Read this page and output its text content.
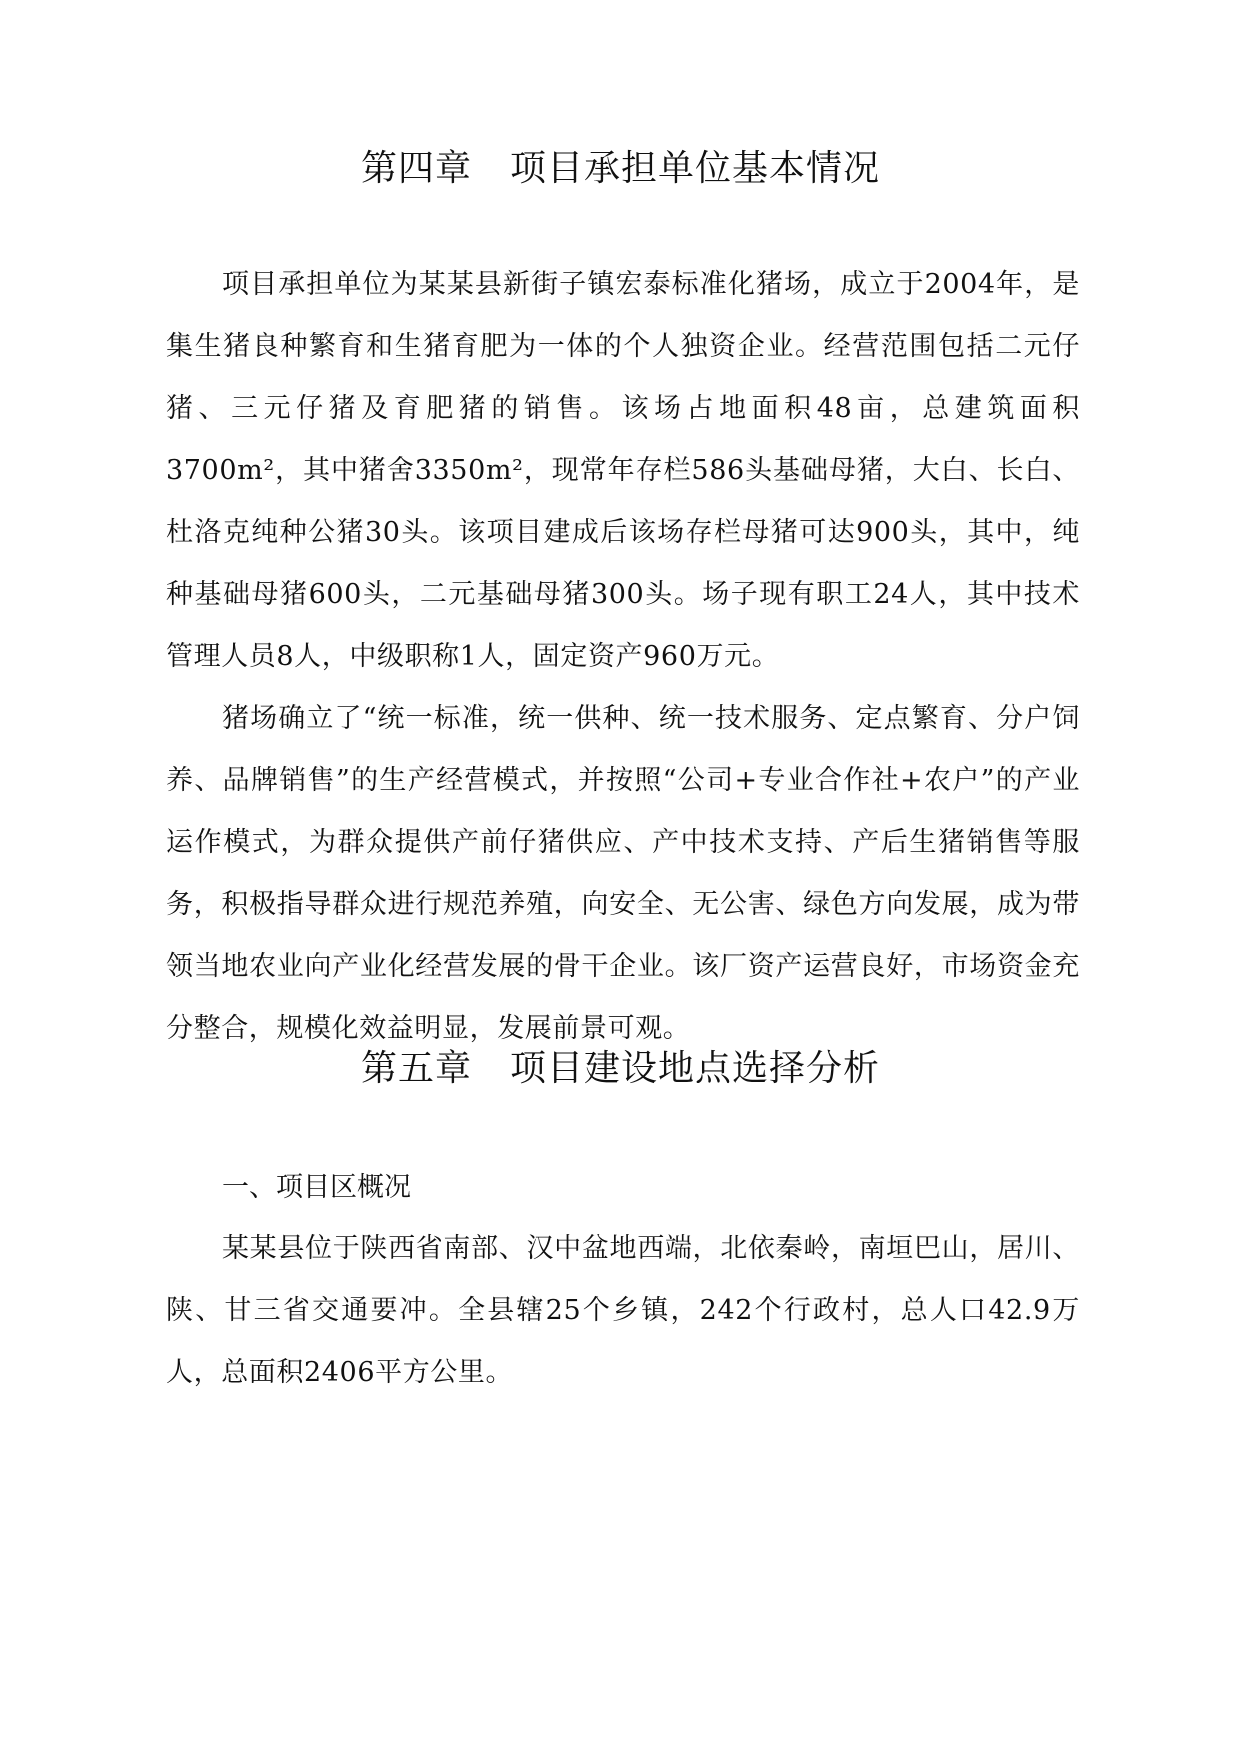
第四章 项目承担单位基本情况

项目承担单位为某某县新街子镇宏泰标准化猪场，成立于2004年，是集生猪良种繁育和生猪育肥为一体的个人独资企业。经营范围包括二元仔猪、三元仔猪及育肥猪的销售。该场占地面积48亩，总建筑面积3700m²，其中猪舍3350m²，现常年存栏586头基础母猪，大白、长白、杜洛克纯种公猪30头。该项目建成后该场存栏母猪可达900头，其中，纯种基础母猪600头，二元基础母猪300头。场子现有职工24人，其中技术管理人员8人，中级职称1人，固定资产960万元。

猪场确立了“统一标准，统一供种、统一技术服务、定点繁育、分户饲养、品牌销售”的生产经营模式，并按照“公司+专业合作社+农户”的产业运作模式，为群众提供产前仔猪供应、产中技术支持、产后生猪销售等服务，积极指导群众进行规范养殖，向安全、无公害、绿色方向发展，成为带领当地农业向产业化经营发展的骨干企业。该厂资产运营良好，市场资金充分整合，规模化效益明显，发展前景可观。

第五章 项目建设地点选择分析
一、项目区概况

某某县位于陕西省南部、汉中盆地西端，北依秦岭，南垣巴山，居川、陕、甘三省交通要冲。全县辖25个乡镇，242个行政村，总人口42.9万人，总面积2406平方公里。
